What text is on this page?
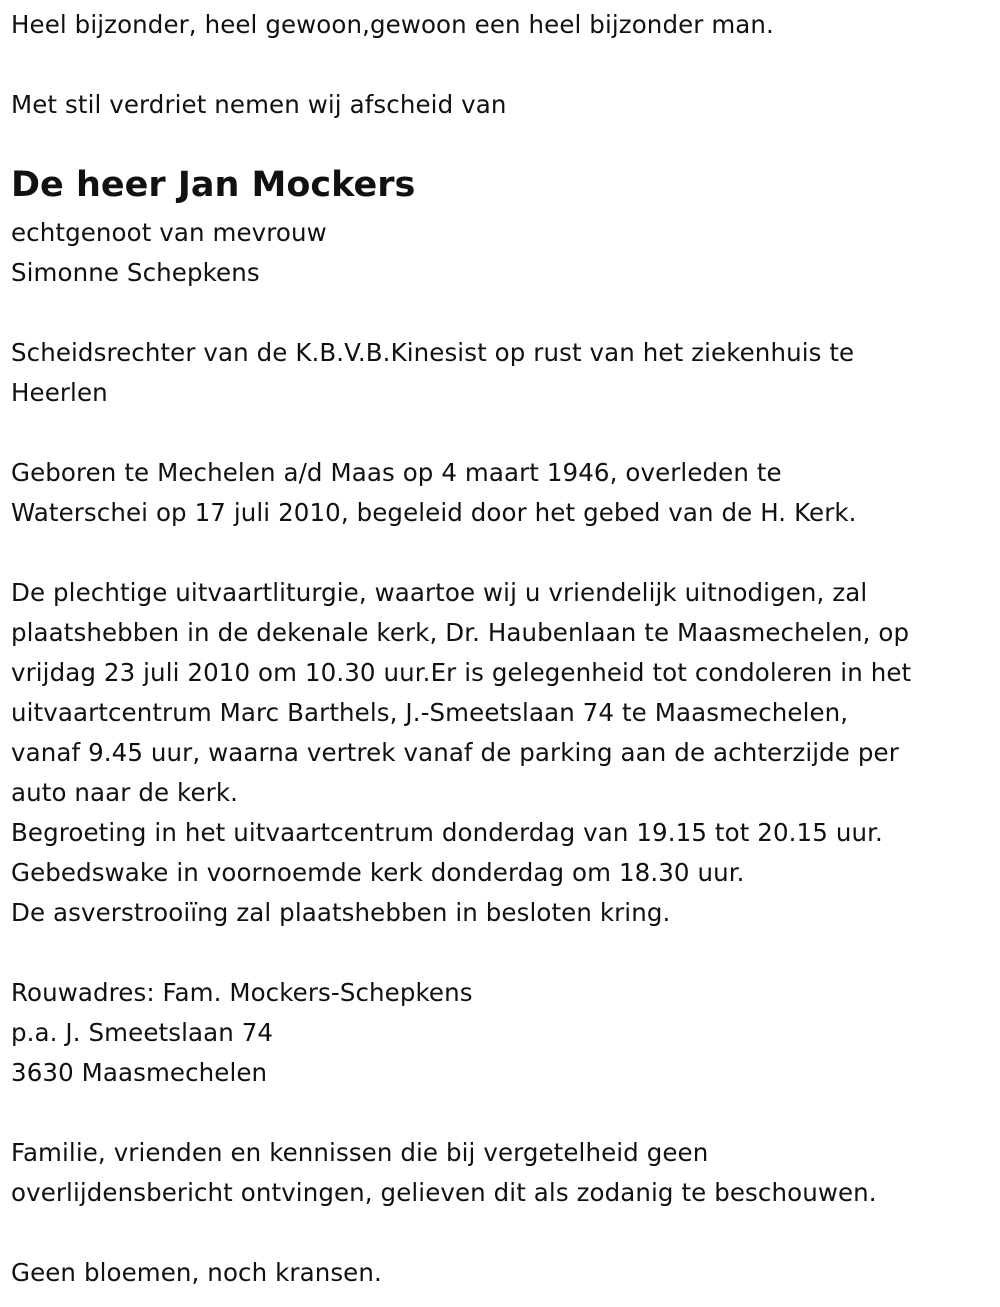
Heel bijzonder, heel gewoon,gewoon een heel bijzonder man.
Met stil verdriet nemen wij afscheid van
De heer Jan Mockers
echtgenoot van mevrouw
Simonne Schepkens
Scheidsrechter van de K.B.V.B.Kinesist op rust van het ziekenhuis te
Heerlen
Geboren te Mechelen a/d Maas op 4 maart 1946, overleden te
Waterschei op 17 juli 2010, begeleid door het gebed van de H. Kerk.
De plechtige uitvaartliturgie, waartoe wij u vriendelijk uitnodigen, zal
plaatshebben in de dekenale kerk, Dr. Haubenlaan te Maasmechelen, op
vrijdag 23 juli 2010 om 10.30 uur.Er is gelegenheid tot condoleren in het
uitvaartcentrum Marc Barthels, J.-Smeetslaan 74 te Maasmechelen,
vanaf 9.45 uur, waarna vertrek vanaf de parking aan de achterzijde per
auto naar de kerk.
Begroeting in het uitvaartcentrum donderdag van 19.15 tot 20.15 uur.
Gebedswake in voornoemde kerk donderdag om 18.30 uur.
De asverstrooiïng zal plaatshebben in besloten kring.
Rouwadres: Fam. Mockers-Schepkens
p.a. J. Smeetslaan 74
3630 Maasmechelen
Familie, vrienden en kennissen die bij vergetelheid geen
overlijdensbericht ontvingen, gelieven dit als zodanig te beschouwen.
Geen bloemen, noch kransen.
